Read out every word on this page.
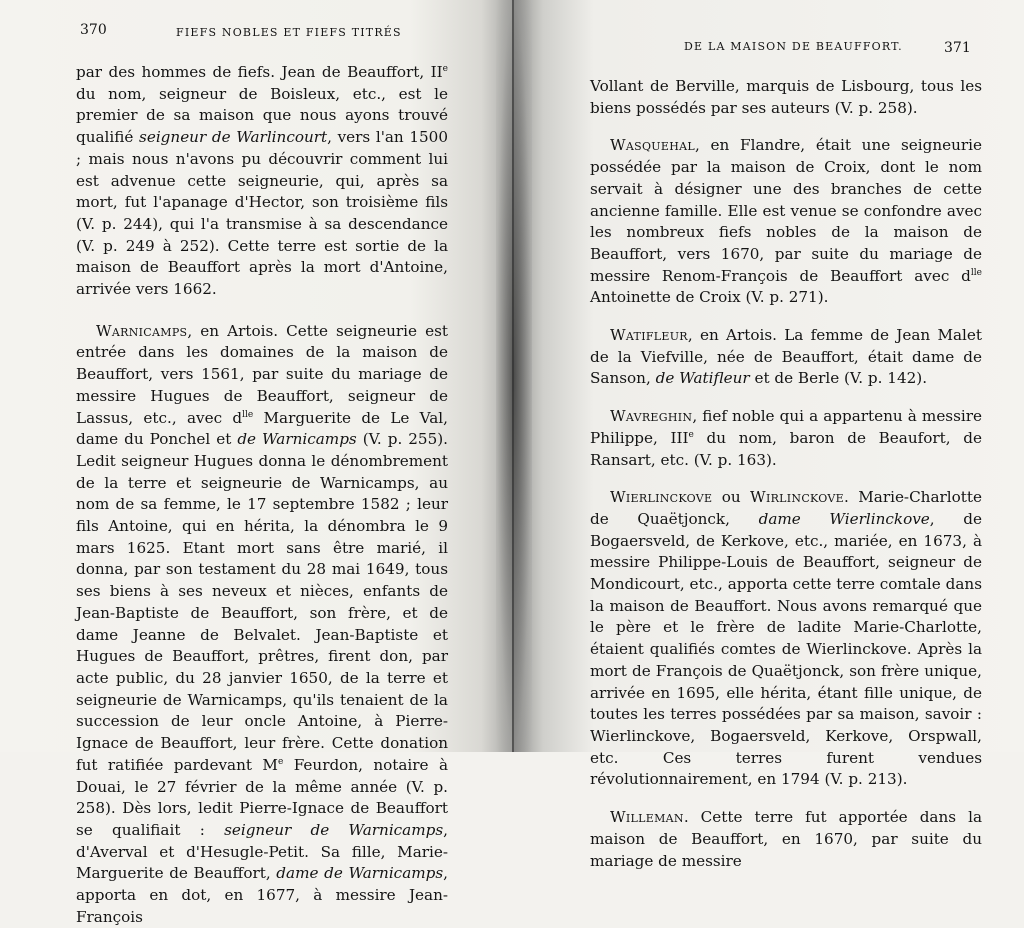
370	FIEFS NOBLES ET FIEFS TITRÉS

par des hommes de fiefs. Jean de Beauffort, IIe du nom, seigneur de Boisleux, etc., est le premier de sa maison que nous ayons trouvé qualifié seigneur de Warlincourt, vers l'an 1500 ; mais nous n'avons pu découvrir comment lui est advenue cette seigneurie, qui, après sa mort, fut l'apanage d'Hector, son troisième fils (V. p. 244), qui l'a transmise à sa descendance (V. p. 249 à 252). Cette terre est sortie de la maison de Beauffort après la mort d'Antoine, arrivée vers 1662.

Warnicamps, en Artois. Cette seigneurie est entrée dans les domaines de la maison de Beauffort, vers 1561, par suite du mariage de messire Hugues de Beauffort, seigneur de Lassus, etc., avec $d^{lle}$ Marguerite de Le Val, dame du Ponchel et de Warnicamps (V. p. 255). Ledit seigneur Hugues donna le dénombrement de la terre et seigneurie de Warnicamps, au nom de sa femme, le 17 septembre 1582 ; leur fils Antoine, qui en hérita, la dénombra le 9 mars 1625. Etant mort sans être marié, il donna, par son testament du 28 mai 1649, tous ses biens à ses neveux et nièces, enfants de Jean-Baptiste de Beauffort, son frère, et de dame Jeanne de Belvalet. Jean-Baptiste et Hugues de Beauffort, prêtres, firent don, par acte public, du 28 janvier 1650, de la terre et seigneurie de Warnicamps, qu'ils tenaient de la succession de leur oncle Antoine, à Pierre-Ignace de Beauffort, leur frère. Cette donation fut ratifiée pardevant Me Feurdon, notaire à Douai, le 27 février de la même année (V. p. 258). Dès lors, ledit Pierre-Ignace de Beauffort se qualifiait : seigneur de Warnicamps, d'Averval et d'Hesugle-Petit. Sa fille, Marie-Marguerite de Beauffort, dame de Warnicamps, apporta en dot, en 1677, à messire Jean-François

DE LA MAISON DE BEAUFFORT.	371

Vollant de Berville, marquis de Lisbourg, tous les biens possédés par ses auteurs (V. p. 258).

Wasquehal, en Flandre, était une seigneurie possédée par la maison de Croix, dont le nom servait à désigner une des branches de cette ancienne famille. Elle est venue se confondre avec les nombreux fiefs nobles de la maison de Beauffort, vers 1670, par suite du mariage de messire Renom-François de Beauffort avec $d^{lle}$ Antoinette de Croix (V. p. 271).

Watifleur, en Artois. La femme de Jean Malet de la Viefville, née de Beauffort, était dame de Sanson, de Watifleur et de Berle (V. p. 142).

Wavreghin, fief noble qui a appartenu à messire Philippe, IIIe du nom, baron de Beaufort, de Ransart, etc. (V. p. 163).

Wierlinckove ou Wirlinckove. Marie-Charlotte de Quaëtjonck, dame Wierlinckove, de Bogaersveld, de Kerkove, etc., mariée, en 1673, à messire Philippe-Louis de Beauffort, seigneur de Mondicourt, etc., apporta cette terre comtale dans la maison de Beauffort. Nous avons remarqué que le père et le frère de ladite Marie-Charlotte, étaient qualifiés comtes de Wierlinckove. Après la mort de François de Quaëtjonck, son frère unique, arrivée en 1695, elle hérita, étant fille unique, de toutes les terres possédées par sa maison, savoir : Wierlinckove, Bogaersveld, Kerkove, Orspwall, etc. Ces terres furent vendues révolutionnairement, en 1794 (V. p. 213).

Willeman. Cette terre fut apportée dans la maison de Beauffort, en 1670, par suite du mariage de messire
